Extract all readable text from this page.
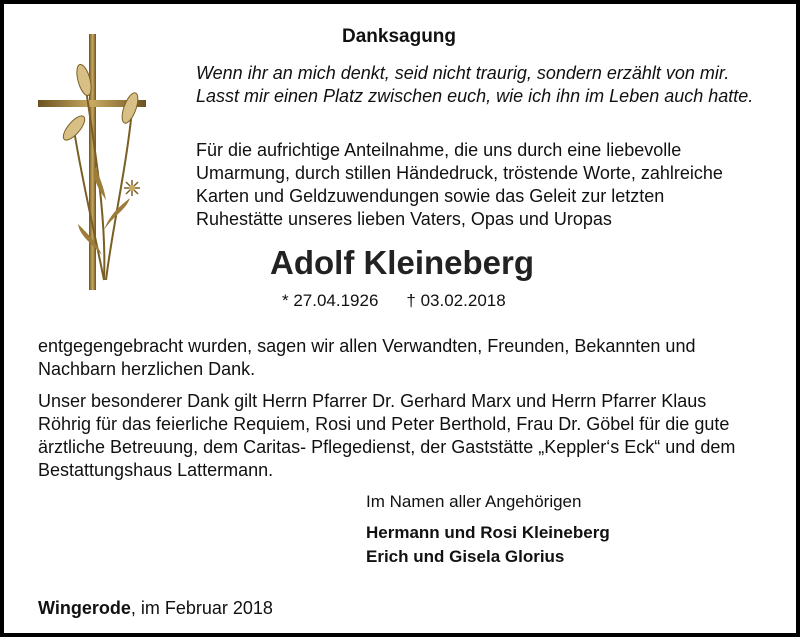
Danksagung
Wenn ihr an mich denkt, seid nicht traurig, sondern erzählt von mir.
Lasst mir einen Platz zwischen euch, wie ich ihn im Leben auch hatte.
Für die aufrichtige Anteilnahme, die uns durch eine liebevolle
Umarmung, durch stillen Händedruck, tröstende Worte, zahlreiche
Karten und Geldzuwendungen sowie das Geleit zur letzten
Ruhestätte unseres lieben Vaters, Opas und Uropas
Adolf Kleineberg
* 27.04.1926 † 03.02.2018
entgegengebracht wurden, sagen wir allen Verwandten, Freunden, Bekannten und
Nachbarn herzlichen Dank.
Unser besonderer Dank gilt Herrn Pfarrer Dr. Gerhard Marx und Herrn Pfarrer Klaus
Röhrig für das feierliche Requiem, Rosi und Peter Berthold, Frau Dr. Göbel für die gute
ärztliche Betreuung, dem Caritas- Pflegedienst, der Gaststätte „Keppler‘s Eck“ und dem
Bestattungshaus Lattermann.
Im Namen aller Angehörigen
Hermann und Rosi Kleineberg
Erich und Gisela Glorius
Wingerode, im Februar 2018
